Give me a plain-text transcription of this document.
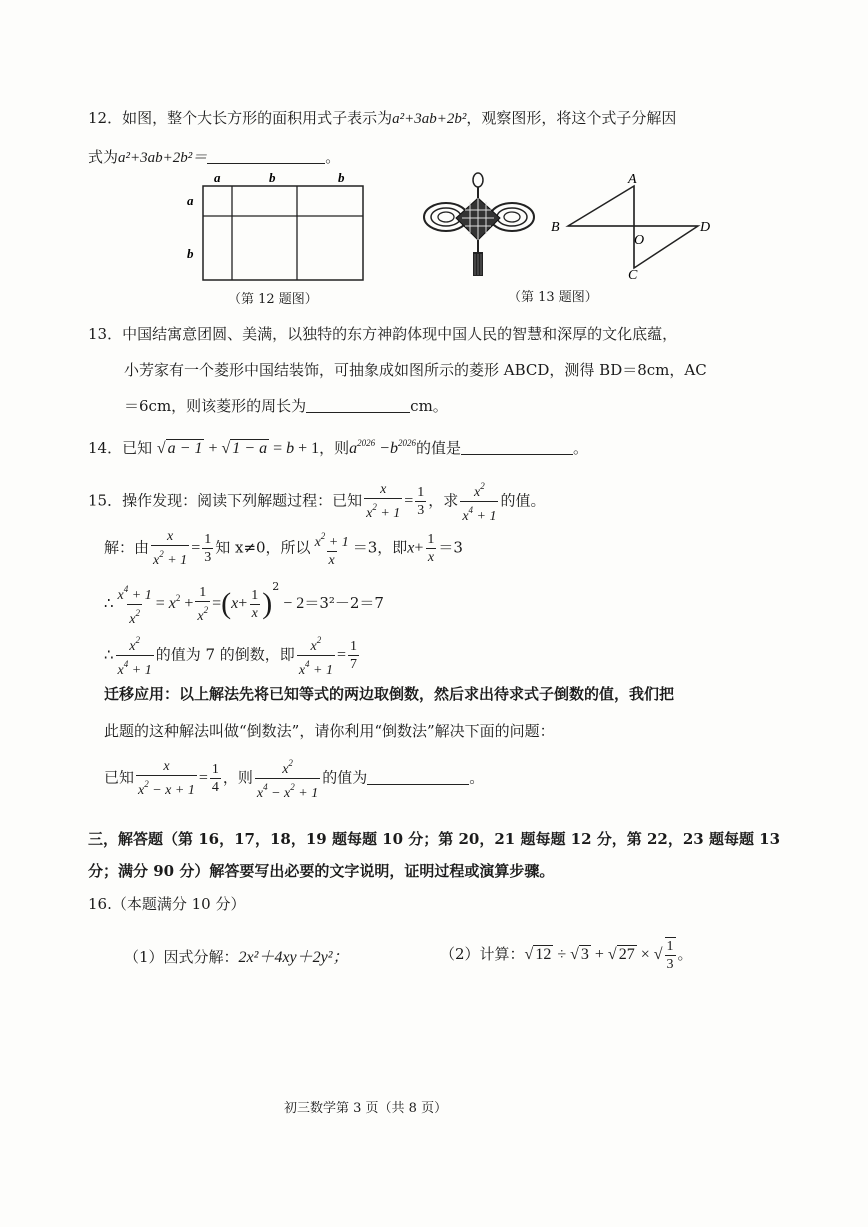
12．如图，整个大长方形的面积用式子表示为a²+3ab+2b²，观察图形，将这个式子分解因
式为a²+3ab+2b²＝	。
a	b	b
a
b
（第 12 题图）
A
B
O
D
C
（第 13 题图）
13．中国结寓意团圆、美满，以独特的东方神韵体现中国人民的智慧和深厚的文化底蕴，
小芳家有一个菱形中国结装饰，可抽象成如图所示的菱形 ABCD，测得 BD＝8cm，AC
＝6cm，则该菱形的周长为	cm。
14．已知 √ a − 1 + √ 1 − a = b + 1，则$a^{2026} -b^{2026}$的值是	。
15．操作发现：阅读下列解题过程：已知 $\frac{x}{x^2 + 1} = \frac{1}{3}$ ，求 $\frac{x^2}{x^4 + 1}$ 的值。
解：由 $\frac{x}{x^2 + 1} = \frac{1}{3}$ 知 x≠0，所以 $\frac{x^2 + 1}{x} =3$，即$x+ \frac{1}{x} =3$
∴ $\frac{x^4 + 1}{x^2} = x^2 + \frac{1}{x^2} =(x+ \frac{1}{x} )^2 - 2=3^2-2=7$
∴ $\frac{x^2}{x^4 + 1}$ 的值为 7 的倒数，即 $\frac{x^2}{x^4 + 1} = \frac{1}{7}$
迁移应用：以上解法先将已知等式的两边取倒数，然后求出待求式子倒数的值，我们把
此题的这种解法叫做“倒数法”，请你利用“倒数法”解决下面的问题：
已知 $\frac{x}{x^2 - x + 1} = \frac{1}{4}$ ，则 $\frac{x^2}{x^4 - x^2 + 1}$ 的值为	。
三，解答题（第 16，17，18，19 题每题 10 分；第 20，21 题每题 12 分，第 22，23 题每题 13
分；满分 90 分）解答要写出必要的文字说明，证明过程或演算步骤。
16.（本题满分 10 分）
（1）因式分解：2x²＋4xy＋2y²；	（2）计算：√ 12 ÷ √ 3 + √ 27 × √ $\frac{1}{3}$ 。
初三数学第 3 页（共 8 页）
